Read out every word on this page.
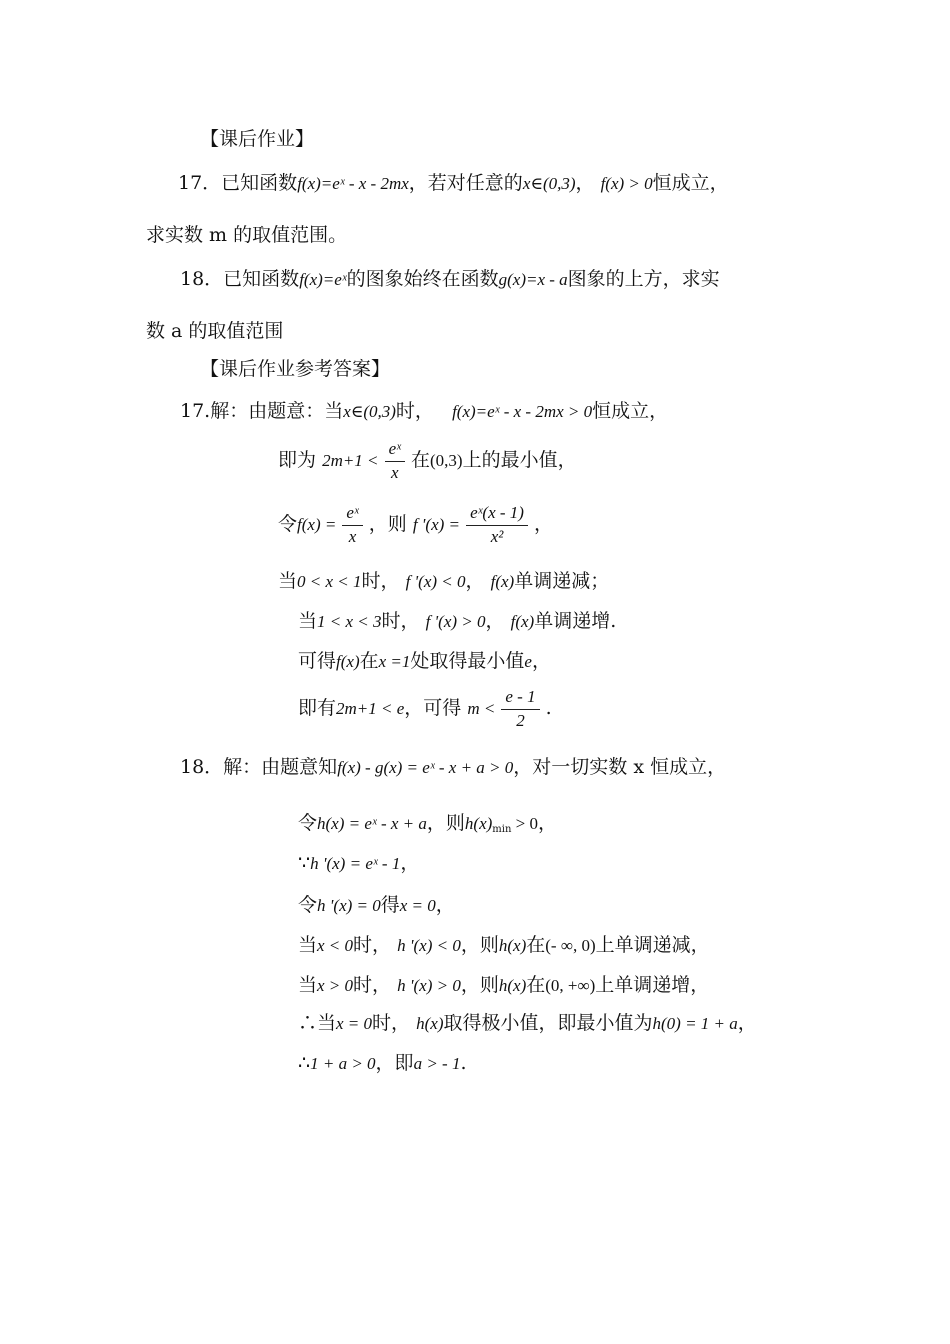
【课后作业】
17．已知函数f(x)=eˣ - x - 2mx，若对任意的x∈(0,3)， f(x) > 0恒成立，
求实数 m 的取值范围。
18．已知函数f(x)=eˣ的图象始终在函数g(x)=x - a图象的上方，求实
数 a 的取值范围
【课后作业参考答案】
17.解：由题意：当x∈(0,3)时， f(x)=eˣ - x - 2mx > 0恒成立，
即为 $2m+1 < \frac{\text{eˣ}}{x}$ 在(0,3)上的最小值，
令$f(x) = \frac{\text{eˣ}}{x}$ ，则 f '$(x) = \frac{\text{eˣ(x - 1)}}{\text{x²}}$ ，
当0 < x < 1时， f '(x) < 0， f(x)单调递减；
当1 < x < 3时， f '(x) > 0， f(x)单调递增.
可得f(x)在x =1处取得最小值e，
即有2m+1 < e，可得 $m < \frac{e - 1}{2}$ .
18．解：由题意知f(x) - g(x) = eˣ - x + a > 0，对一切实数 x 恒成立，
令h(x) = eˣ - x + a，则$h(x)_{min} > 0$，
∵h '(x) = eˣ - 1，
令h '(x) = 0得x = 0，
当x < 0时， h '(x) < 0，则h(x)在(- ∞, 0)上单调递减，
当x > 0时， h '(x) > 0，则h(x)在(0, +∞)上单调递增，
∴当x = 0时， h(x)取得极小值，即最小值为h(0) = 1 + a，
∴1 + a > 0，即a > - 1.
